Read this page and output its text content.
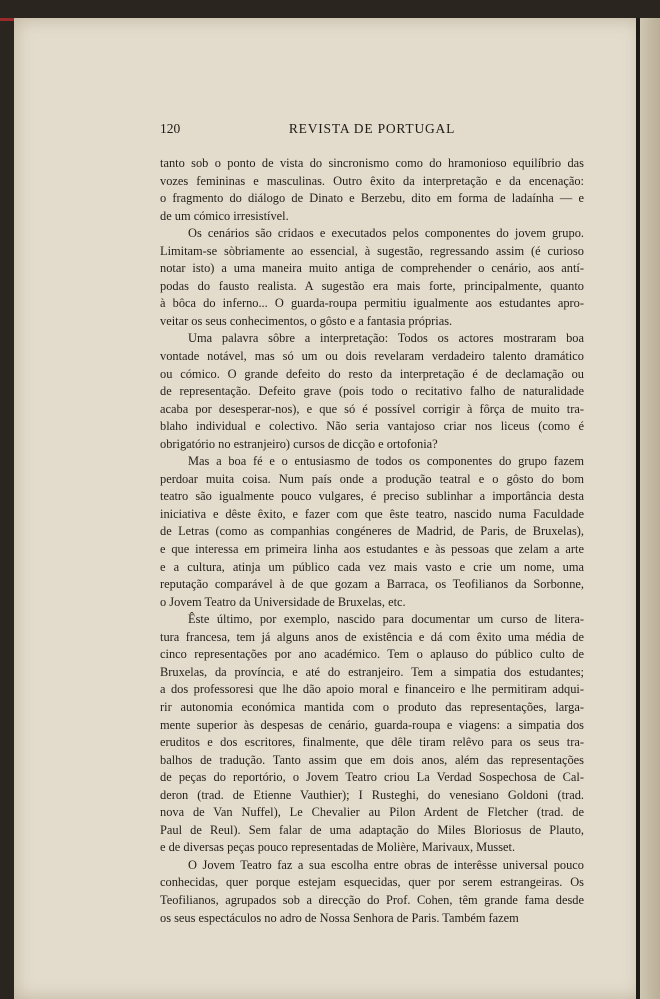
120	REVISTA DE PORTUGAL

tanto sob o ponto de vista do sincronismo como do hramonioso equilíbrio das
vozes femininas e masculinas. Outro êxito da interpretação e da encenação:
o fragmento do diálogo de Dinato e Berzebu, dito em forma de ladaínha — e
de um cómico irresistível.

Os cenários são cridaos e executados pelos componentes do jovem grupo.
Limitam-se sòbriamente ao essencial, à sugestão, regressando assim (é curioso
notar isto) a uma maneira muito antiga de comprehender o cenário, aos antí-
podas do fausto realista. A sugestão era mais forte, principalmente, quanto
à bôca do inferno... O guarda-roupa permitiu igualmente aos estudantes apro-
veitar os seus conhecimentos, o gôsto e a fantasia próprias.

Uma palavra sôbre a interpretação: Todos os actores mostraram boa
vontade notável, mas só um ou dois revelaram verdadeiro talento dramático
ou cómico. O grande defeito do resto da interpretação é de declamação ou
de representação. Defeito grave (pois todo o recitativo falho de naturalidade
acaba por desesperar-nos), e que só é possível corrigir à fôrça de muito tra-
blaho individual e colectivo. Não seria vantajoso criar nos liceus (como é
obrigatório no estranjeiro) cursos de dicção e ortofonia?

Mas a boa fé e o entusiasmo de todos os componentes do grupo fazem
perdoar muita coisa. Num país onde a produção teatral e o gôsto do bom
teatro são igualmente pouco vulgares, é preciso sublinhar a importância desta
iniciativa e dêste êxito, e fazer com que êste teatro, nascido numa Faculdade
de Letras (como as companhias congéneres de Madrid, de Paris, de Bruxelas),
e que interessa em primeira linha aos estudantes e às pessoas que zelam a arte
e a cultura, atinja um público cada vez mais vasto e crie um nome, uma
reputação comparável à de que gozam a Barraca, os Teofilianos da Sorbonne,
o Jovem Teatro da Universidade de Bruxelas, etc.

Êste último, por exemplo, nascido para documentar um curso de litera-
tura francesa, tem já alguns anos de existência e dá com êxito uma média de
cinco representações por ano académico. Tem o aplauso do público culto de
Bruxelas, da província, e até do estranjeiro. Tem a simpatia dos estudantes;
a dos professoresi que lhe dão apoio moral e financeiro e lhe permitiram adqui-
rir autonomia económica mantida com o produto das representações, larga-
mente superior às despesas de cenário, guarda-roupa e viagens: a simpatia dos
eruditos e dos escritores, finalmente, que dêle tiram relêvo para os seus tra-
balhos de tradução. Tanto assim que em dois anos, além das representações
de peças do reportório, o Jovem Teatro criou La Verdad Sospechosa de Cal-
deron (trad. de Etienne Vauthier); I Rusteghi, do venesiano Goldoni (trad.
nova de Van Nuffel), Le Chevalier au Pilon Ardent de Fletcher (trad. de
Paul de Reul). Sem falar de uma adaptação do Miles Bloriosus de Plauto,
e de diversas peças pouco representadas de Molière, Marivaux, Musset.

O Jovem Teatro faz a sua escolha entre obras de interêsse universal pouco
conhecidas, quer porque estejam esquecidas, quer por serem estrangeiras. Os
Teofilianos, agrupados sob a direcção do Prof. Cohen, têm grande fama desde
os seus espectáculos no adro de Nossa Senhora de Paris. Também fazem
